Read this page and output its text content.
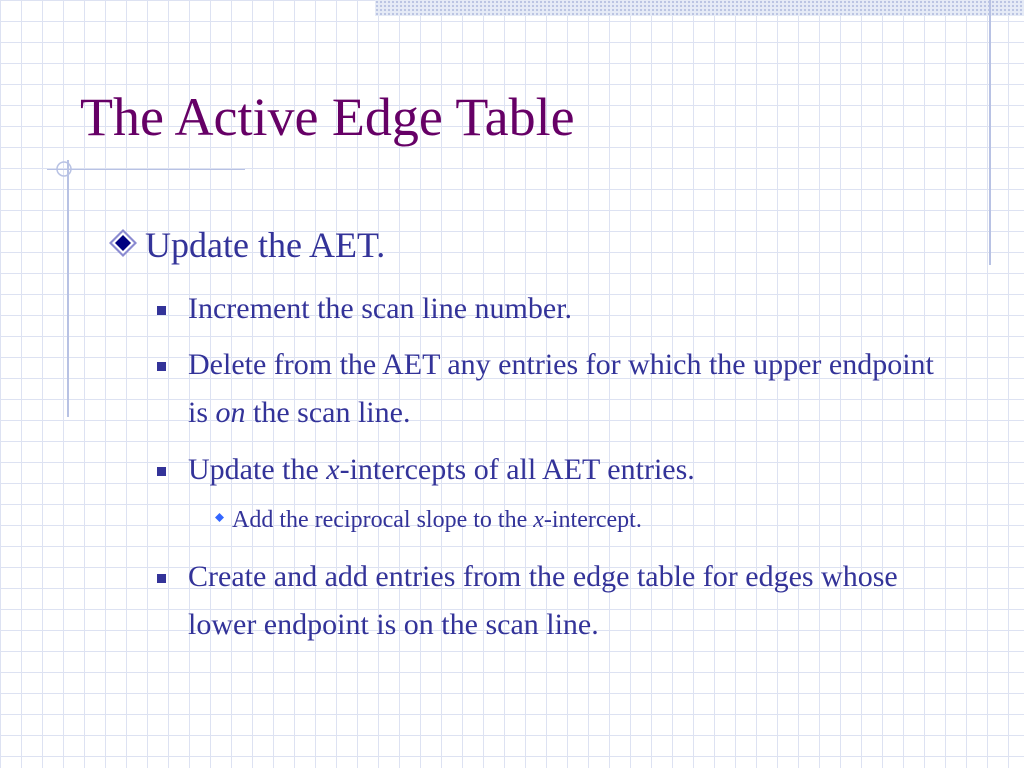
The Active Edge Table

Update the AET.

Increment the scan line number.

Delete from the AET any entries for which the upper endpoint is on the scan line.

Update the x-intercepts of all AET entries.

Add the reciprocal slope to the x-intercept.

Create and add entries from the edge table for edges whose lower endpoint is on the scan line.
